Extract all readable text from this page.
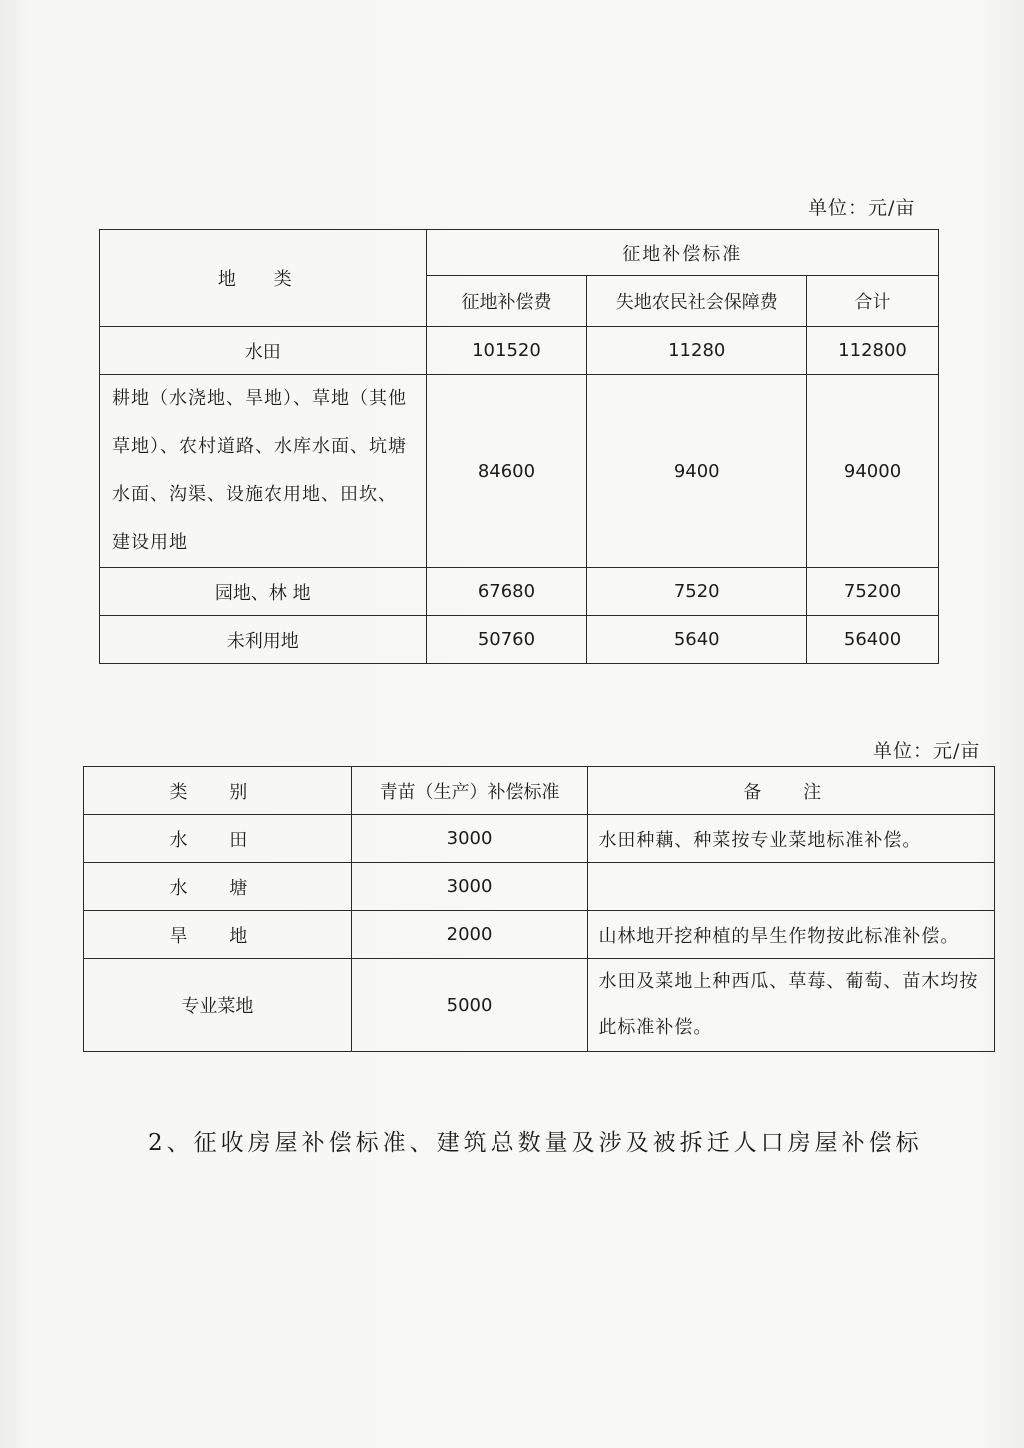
单位：元/亩
地 类	征地补偿标准		
	征地补偿费	失地农民社会保障费	合计
水田	101520	11280	112800
耕地（水浇地、旱地）、草地（其他草地）、农村道路、水库水面、坑塘水面、沟渠、设施农用地、田坎、建设用地	84600	9400	94000
园地、林 地	67680	7520	75200
未利用地	50760	5640	56400
单位：元/亩
类 别	青苗（生产）补偿标准	备 注
水 田	3000	水田种藕、种菜按专业菜地标准补偿。
水 塘	3000	
旱 地	2000	山林地开挖种植的旱生作物按此标准补偿。
专业菜地	5000	水田及菜地上种西瓜、草莓、葡萄、苗木均按此标准补偿。
2、征收房屋补偿标准、建筑总数量及涉及被拆迁人口房屋补偿标
